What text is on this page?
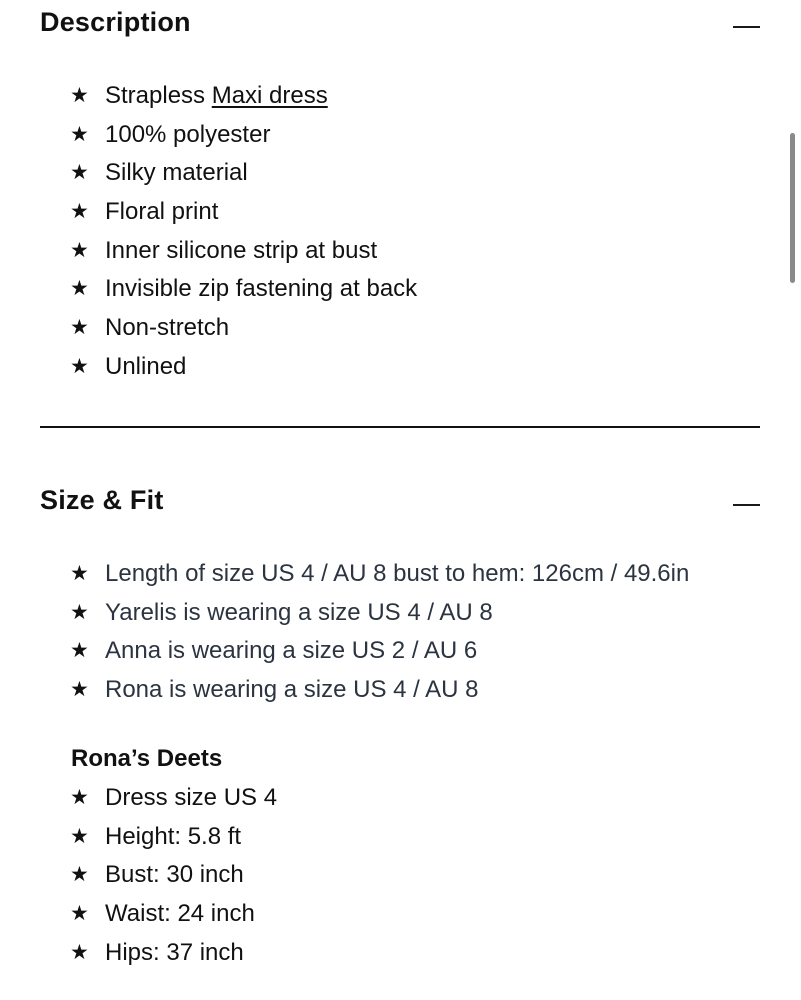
Description
★ Strapless Maxi dress
★ 100% polyester
★ Silky material
★ Floral print
★ Inner silicone strip at bust
★ Invisible zip fastening at back
★ Non-stretch
★ Unlined
Size & Fit
★ Length of size US 4 / AU 8 bust to hem: 126cm / 49.6in
★ Yarelis is wearing a size US 4 / AU 8
★ Anna is wearing a size US 2 / AU 6
★ Rona is wearing a size US 4 / AU 8
Rona’s Deets
★ Dress size US 4
★ Height: 5.8 ft
★ Bust: 30 inch
★ Waist: 24 inch
★ Hips: 37 inch
